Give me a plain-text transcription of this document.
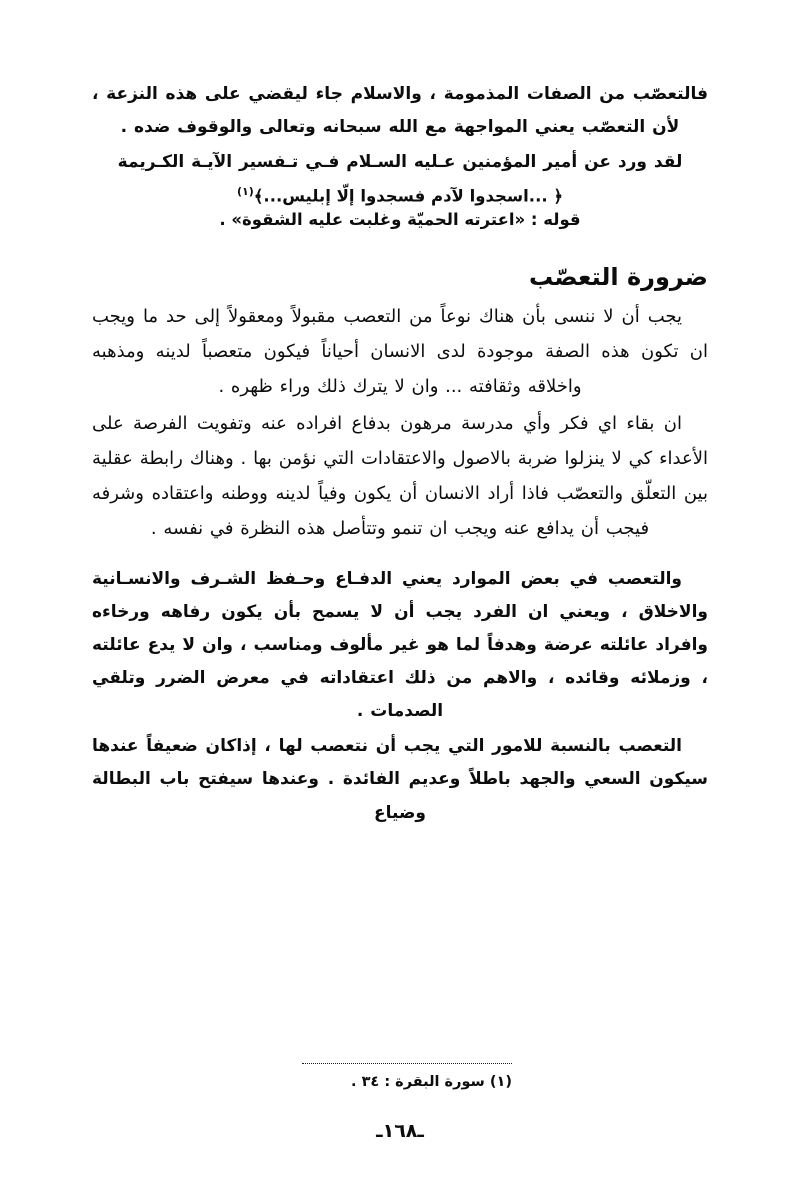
فالتعصّب من الصفات المذمومة ، والاسلام جاء ليقضي على هذه النزعة ، لأن التعصّب يعني المواجهة مع الله سبحانه وتعالى والوقوف ضده .

لقد ورد عن أمير المؤمنين عـليه السـلام فـي تـفسير الآيـة الكـريمة

﴿ ...اسجدوا لآدم فسجدوا إلّا إبليس...﴾$^{(١)}$

قوله : «اعترته الحميّة وغلبت عليه الشقوة» .

ضرورة التعصّب

يجب أن لا ننسى بأن هناك نوعاً من التعصب مقبولاً ومعقولاً إلى حد ما ويجب ان تكون هذه الصفة موجودة لدى الانسان أحياناً فيكون متعصباً لدينه ومذهبه واخلاقه وثقافته ... وان لا يترك ذلك وراء ظهره .

ان بقاء اي فكر وأي مدرسة مرهون بدفاع افراده عنه وتفويت الفرصة على الأعداء كي لا ينزلوا ضربة بالاصول والاعتقادات التي نؤمن بها . وهناك رابطة عقلية بين التعلّق والتعصّب فاذا أراد الانسان أن يكون وفياً لدينه ووطنه واعتقاده وشرفه فيجب أن يدافع عنه ويجب ان تنمو وتتأصل هذه النظرة في نفسه .

والتعصب في بعض الموارد يعني الدفـاع وحـفظ الشـرف والانسـانية والاخلاق ، ويعني ان الفرد يجب أن لا يسمح بأن يكون رفاهه ورخاءه وافراد عائلته عرضة وهدفاً لما هو غير مألوف ومناسب ، وان لا يدع عائلته ، وزملائه وقائده ، والاهم من ذلك اعتقاداته في معرض الضرر وتلقي الصدمات .

التعصب بالنسبة للامور التي يجب أن نتعصب لها ، إذاكان ضعيفاً عندها سيكون السعي والجهد باطلاً وعديم الفائدة . وعندها سيفتح باب البطالة وضياع

(١) سورة البقرة : ٣٤ .
ـ١٦٨ـ
